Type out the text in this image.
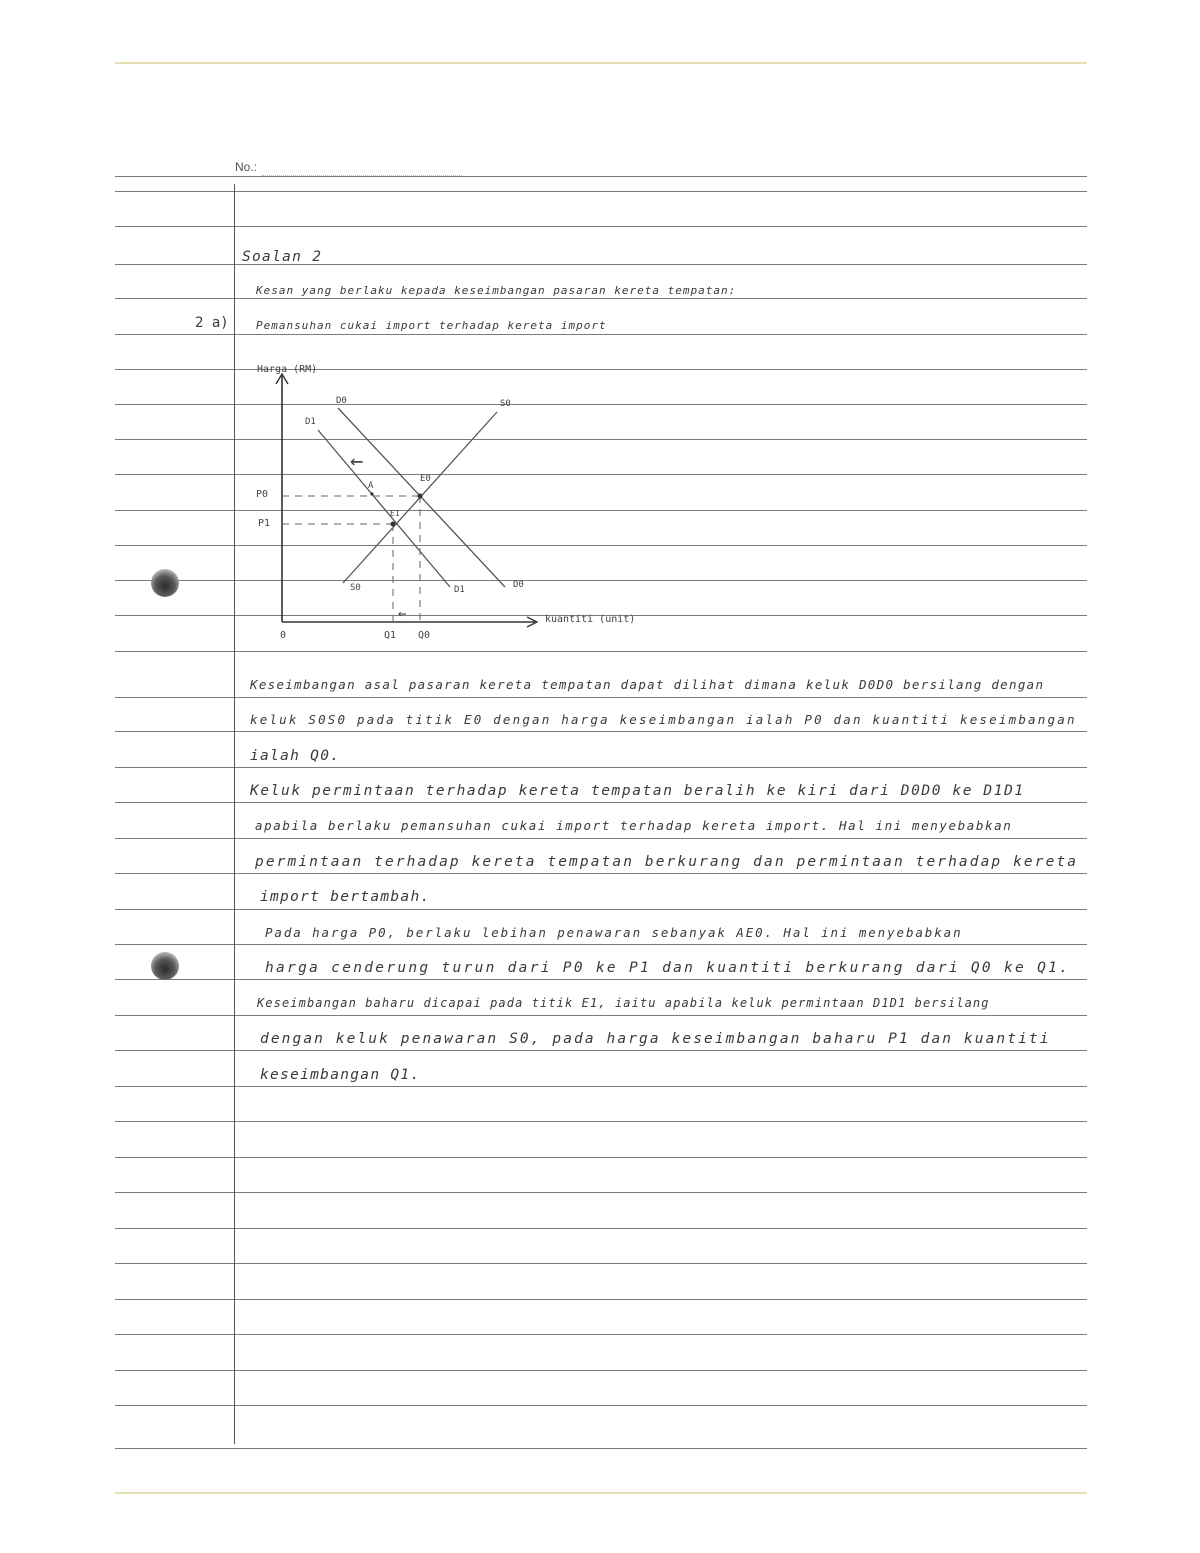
No.:
Soalan 2
Kesan yang berlaku kepada keseimbangan pasaran kereta tempatan:
2 a) Pemansuhan cukai import terhadap kereta import
Keseimbangan asal pasaran kereta tempatan dapat dilihat dimana keluk D0D0 bersilang dengan
keluk S0S0 pada titik E0 dengan harga keseimbangan ialah P0 dan kuantiti keseimbangan
ialah Q0.
Keluk permintaan terhadap kereta tempatan beralih ke kiri dari D0D0 ke D1D1
apabila berlaku pemansuhan cukai import terhadap kereta import. Hal ini menyebabkan
permintaan terhadap kereta tempatan berkurang dan permintaan terhadap kereta
import bertambah.
Pada harga P0, berlaku lebihan penawaran sebanyak AE0. Hal ini menyebabkan
harga cenderung turun dari P0 ke P1 dan kuantiti berkurang dari Q0 ke Q1.
Keseimbangan baharu dicapai pada titik E1, iaitu apabila keluk permintaan D1D1 bersilang
dengan keluk penawaran S0, pada harga keseimbangan baharu P1 dan kuantiti
keseimbangan Q1.
←
←
Harga (RM)
kuantiti (unit)
0
P0
P1
Q1 Q0
D0
D0
D1
D1
S0
S0
E0
E1
A
